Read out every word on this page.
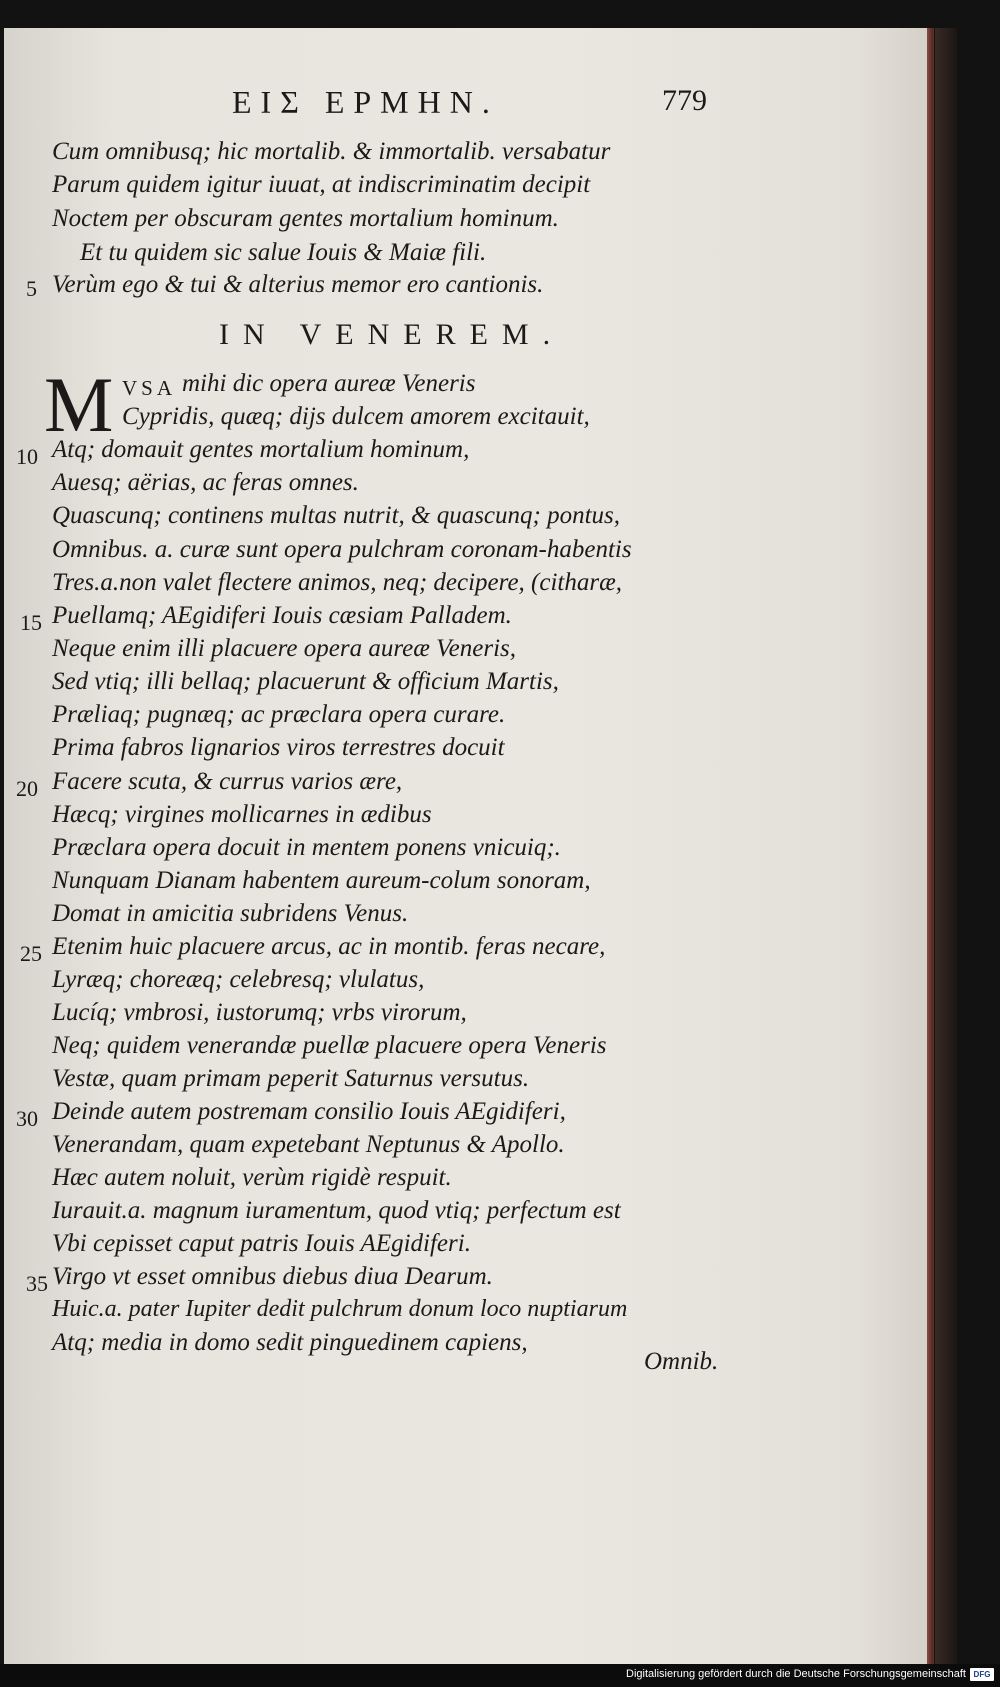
ΕΙΣ ΕΡΜΗΝ.	779
Cum omnibusq; hic mortalib. & immortalib. versabatur
Parum quidem igitur iuuat, at indiscriminatim decipit
Noctem per obscuram gentes mortalium hominum.
Et tu quidem sic salue Iouis & Maiæ fili.
5 Verùm ego & tui & alterius memor ero cantionis.
IN VENEREM.
M VSA mihi dic opera aureæ Veneris
Cypridis, quæq; dijs dulcem amorem excitauit,
10 Atq; domauit gentes mortalium hominum,
Auesq; aërias, ac feras omnes.
Quascunq; continens multas nutrit, & quascunq; pontus,
Omnibus. a. curæ sunt opera pulchram coronam-habentis
Tres.a.non valet flectere animos, neq; decipere, (citharæ,
15 Puellamq; AEgidiferi Iouis cæsiam Palladem.
Neque enim illi placuere opera aureæ Veneris,
Sed vtiq; illi bellaq; placuerunt & officium Martis,
Præliaq; pugnæq; ac præclara opera curare.
Prima fabros lignarios viros terrestres docuit
20 Facere scuta, & currus varios ære,
Hæcq; virgines mollicarnes in ædibus
Præclara opera docuit in mentem ponens vnicuiq;.
Nunquam Dianam habentem aureum-colum sonoram,
Domat in amicitia subridens Venus.
25 Etenim huic placuere arcus, ac in montib. feras necare,
Lyræq; choreæq; celebresq; vlulatus,
Lucíq; vmbrosi, iustorumq; vrbs virorum,
Neq; quidem venerandæ puellæ placuere opera Veneris
Vestæ, quam primam peperit Saturnus versutus.
30 Deinde autem postremam consilio Iouis AEgidiferi,
Venerandam, quam expetebant Neptunus & Apollo.
Hæc autem noluit, verùm rigidè respuit.
Iurauit.a. magnum iuramentum, quod vtiq; perfectum est
Vbi cepisset caput patris Iouis AEgidiferi.
35 Virgo vt esset omnibus diebus diua Dearum.
Huic.a. pater Iupiter dedit pulchrum donum loco nuptiarum
Atq; media in domo sedit pinguedinem capiens,
Omnib.
Digitalisierung gefördert durch die Deutsche Forschungsgemeinschaft DFG
